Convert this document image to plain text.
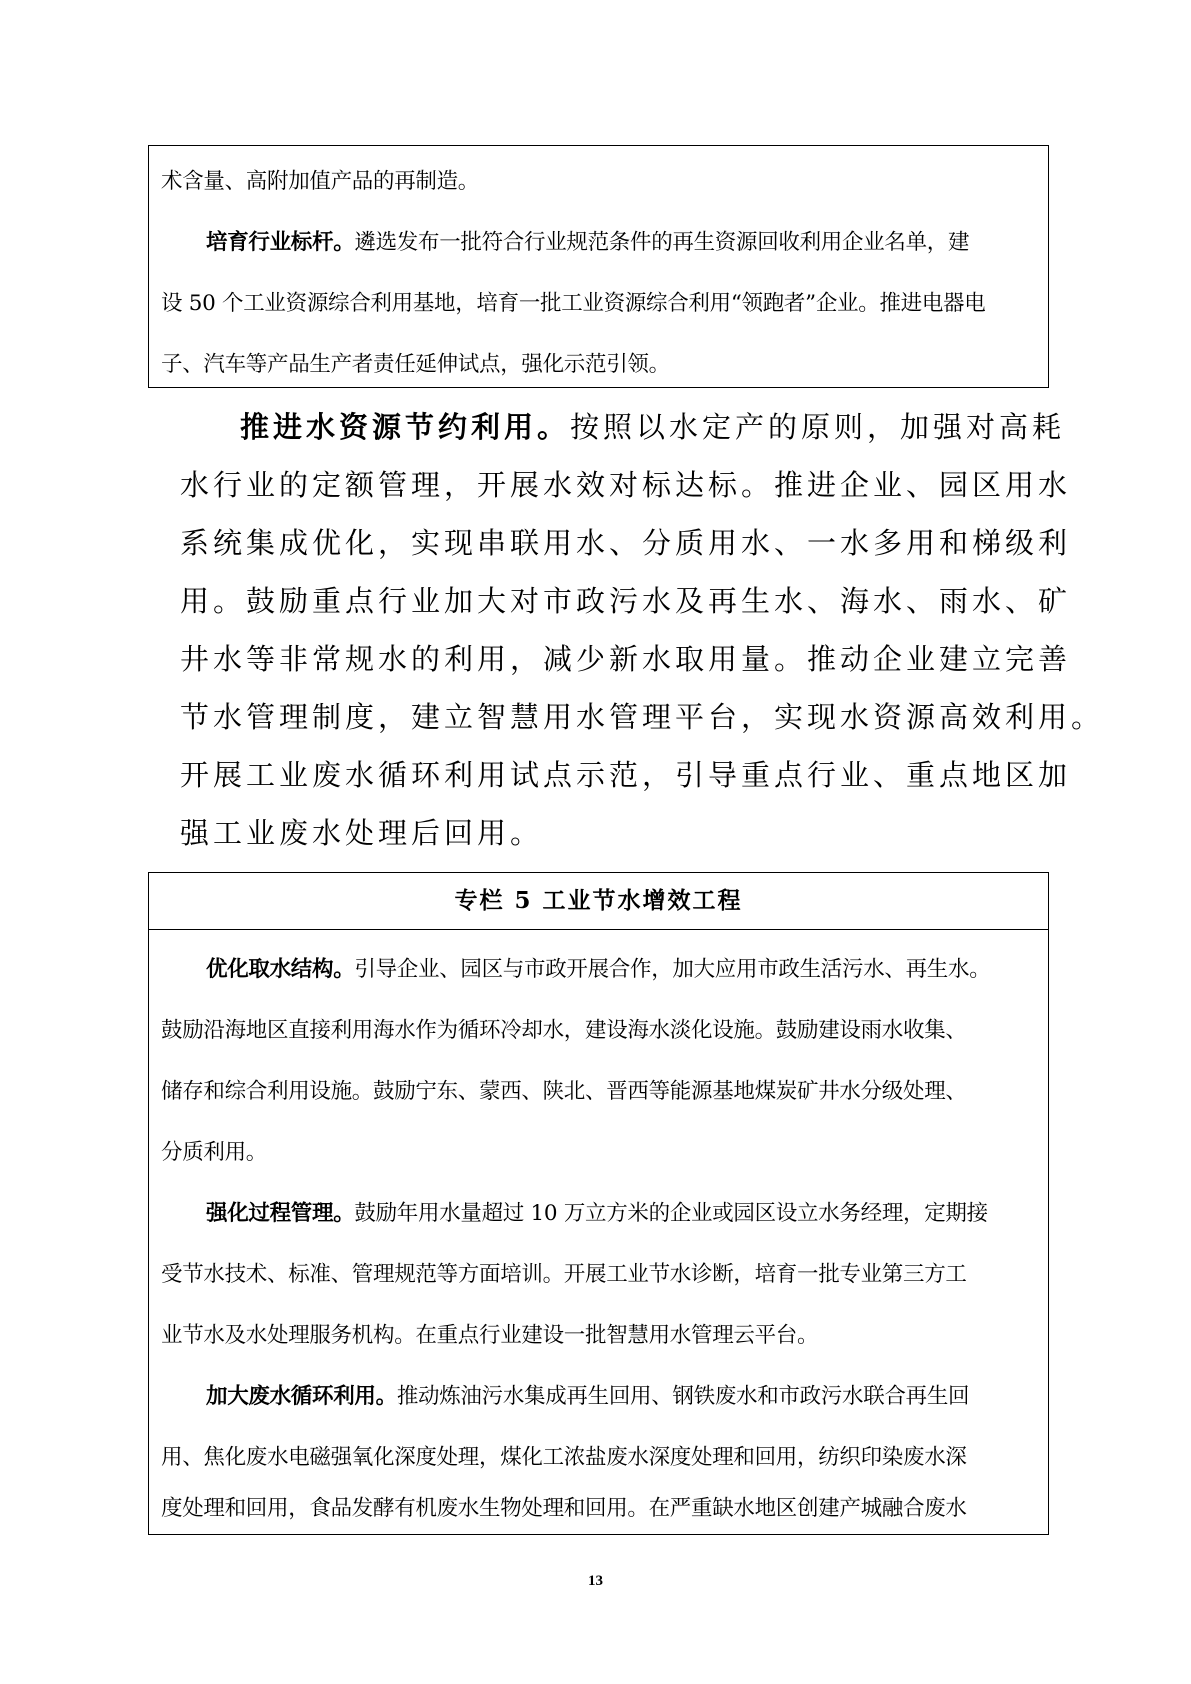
术含量、高附加值产品的再制造。
培育行业标杆。遴选发布一批符合行业规范条件的再生资源回收利用企业名单，建
设 50 个工业资源综合利用基地，培育一批工业资源综合利用“领跑者”企业。推进电器电
子、汽车等产品生产者责任延伸试点，强化示范引领。
推进水资源节约利用。按照以水定产的原则，加强对高耗
水行业的定额管理，开展水效对标达标。推进企业、园区用水
系统集成优化，实现串联用水、分质用水、一水多用和梯级利
用。鼓励重点行业加大对市政污水及再生水、海水、雨水、矿
井水等非常规水的利用，减少新水取用量。推动企业建立完善
节水管理制度，建立智慧用水管理平台，实现水资源高效利用。
开展工业废水循环利用试点示范，引导重点行业、重点地区加
强工业废水处理后回用。
专栏 5 工业节水增效工程
优化取水结构。引导企业、园区与市政开展合作，加大应用市政生活污水、再生水。
鼓励沿海地区直接利用海水作为循环冷却水，建设海水淡化设施。鼓励建设雨水收集、
储存和综合利用设施。鼓励宁东、蒙西、陕北、晋西等能源基地煤炭矿井水分级处理、
分质利用。
强化过程管理。鼓励年用水量超过 10 万立方米的企业或园区设立水务经理，定期接
受节水技术、标准、管理规范等方面培训。开展工业节水诊断，培育一批专业第三方工
业节水及水处理服务机构。在重点行业建设一批智慧用水管理云平台。
加大废水循环利用。推动炼油污水集成再生回用、钢铁废水和市政污水联合再生回
用、焦化废水电磁强氧化深度处理，煤化工浓盐废水深度处理和回用，纺织印染废水深
度处理和回用，食品发酵有机废水生物处理和回用。在严重缺水地区创建产城融合废水
13
